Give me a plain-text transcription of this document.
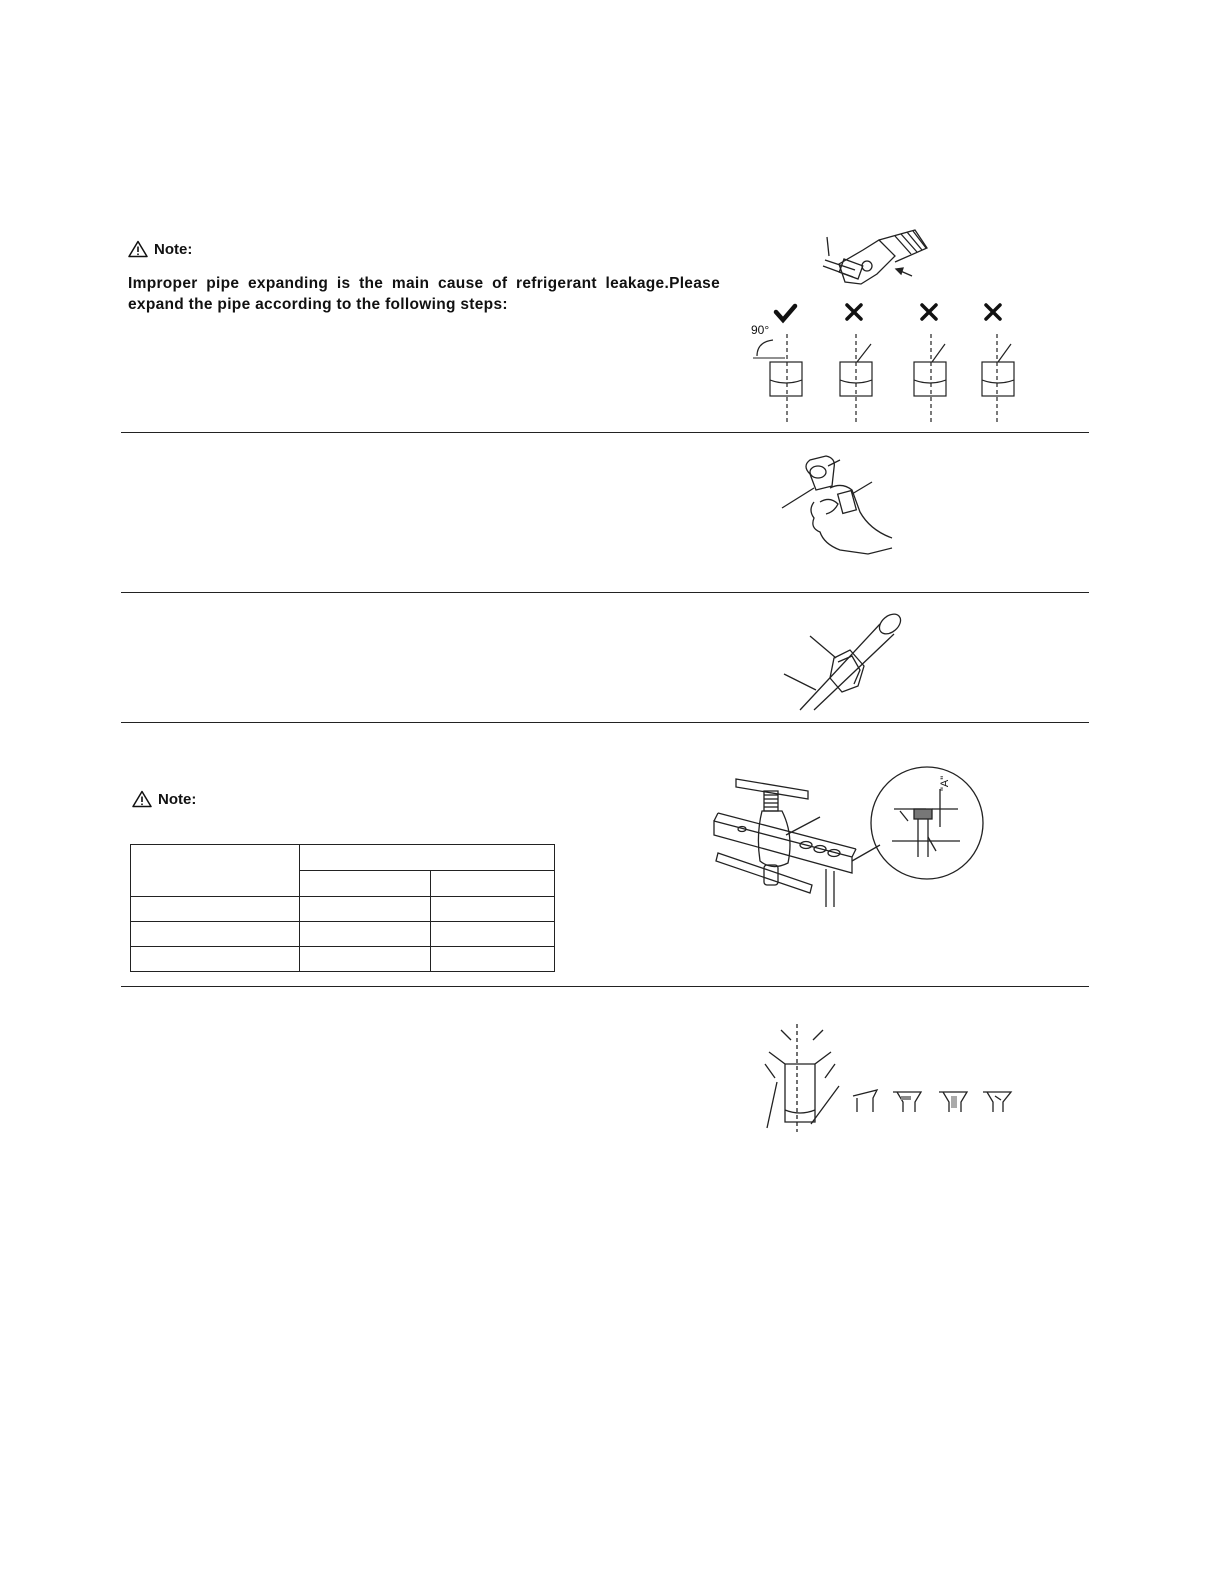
Note:
Improper pipe expanding is the main cause of refrigerant leakage.Please expand the pipe according to the following steps:
90°
Note:

"A"
